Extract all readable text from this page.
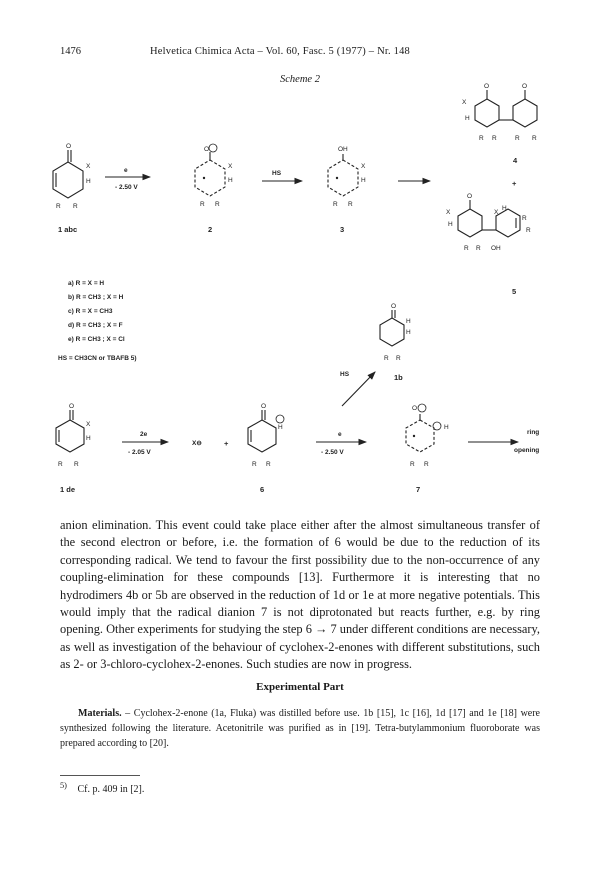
1476	Helvetica Chimica Acta – Vol. 60, Fasc. 5 (1977) – Nr. 148
Scheme 2
O
X
H
R R
1 abc
e
- 2.50 V
O
X
H
R R
2
HS
OH
X
H
R R
3
O
X
H
R R
O
R R
4
+
O
X
H
R R
X
H
R
R
OH
5
a) R = X = H
b) R = CH3 ; X = H
c) R = X = CH3
d) R = CH3 ; X = F
e) R = CH3 ; X = Cl
HS = CH3CN or TBAFB 5)
O
H
H
R R
1b
HS
O
X
H
R R
1 de
2e
- 2.05 V
X⊖	+
O
H
R R
6
e
- 2.50 V
O
H
R R
7
ring
opening

anion elimination. This event could take place either after the almost simultaneous transfer of the second electron or before, i.e. the formation of 6 would be due to the reduction of its corresponding radical. We tend to favour the first possibility due to the non-occurrence of any coupling-elimination for these compounds [13]. Furthermore it is interesting that no hydrodimers 4b or 5b are observed in the reduction of 1d or 1e at more negative potentials. This would imply that the radical dianion 7 is not diprotonated but reacts further, e.g. by ring opening. Other experiments for studying the step 6 → 7 under different conditions are necessary, as well as investigation of the behaviour of cyclohex-2-enones with different substitutions, such as 2- or 3-chloro-cyclohex-2-enones. Such studies are now in progress.

Experimental Part

Materials. – Cyclohex-2-enone (1a, Fluka) was distilled before use. 1b [15], 1c [16], 1d [17] and 1e [18] were synthesized following the literature. Acetonitrile was purified as in [19]. Tetra-butylammonium fluoroborate was prepared according to [20].

$^{5)}$ Cf. p. 409 in [2].
